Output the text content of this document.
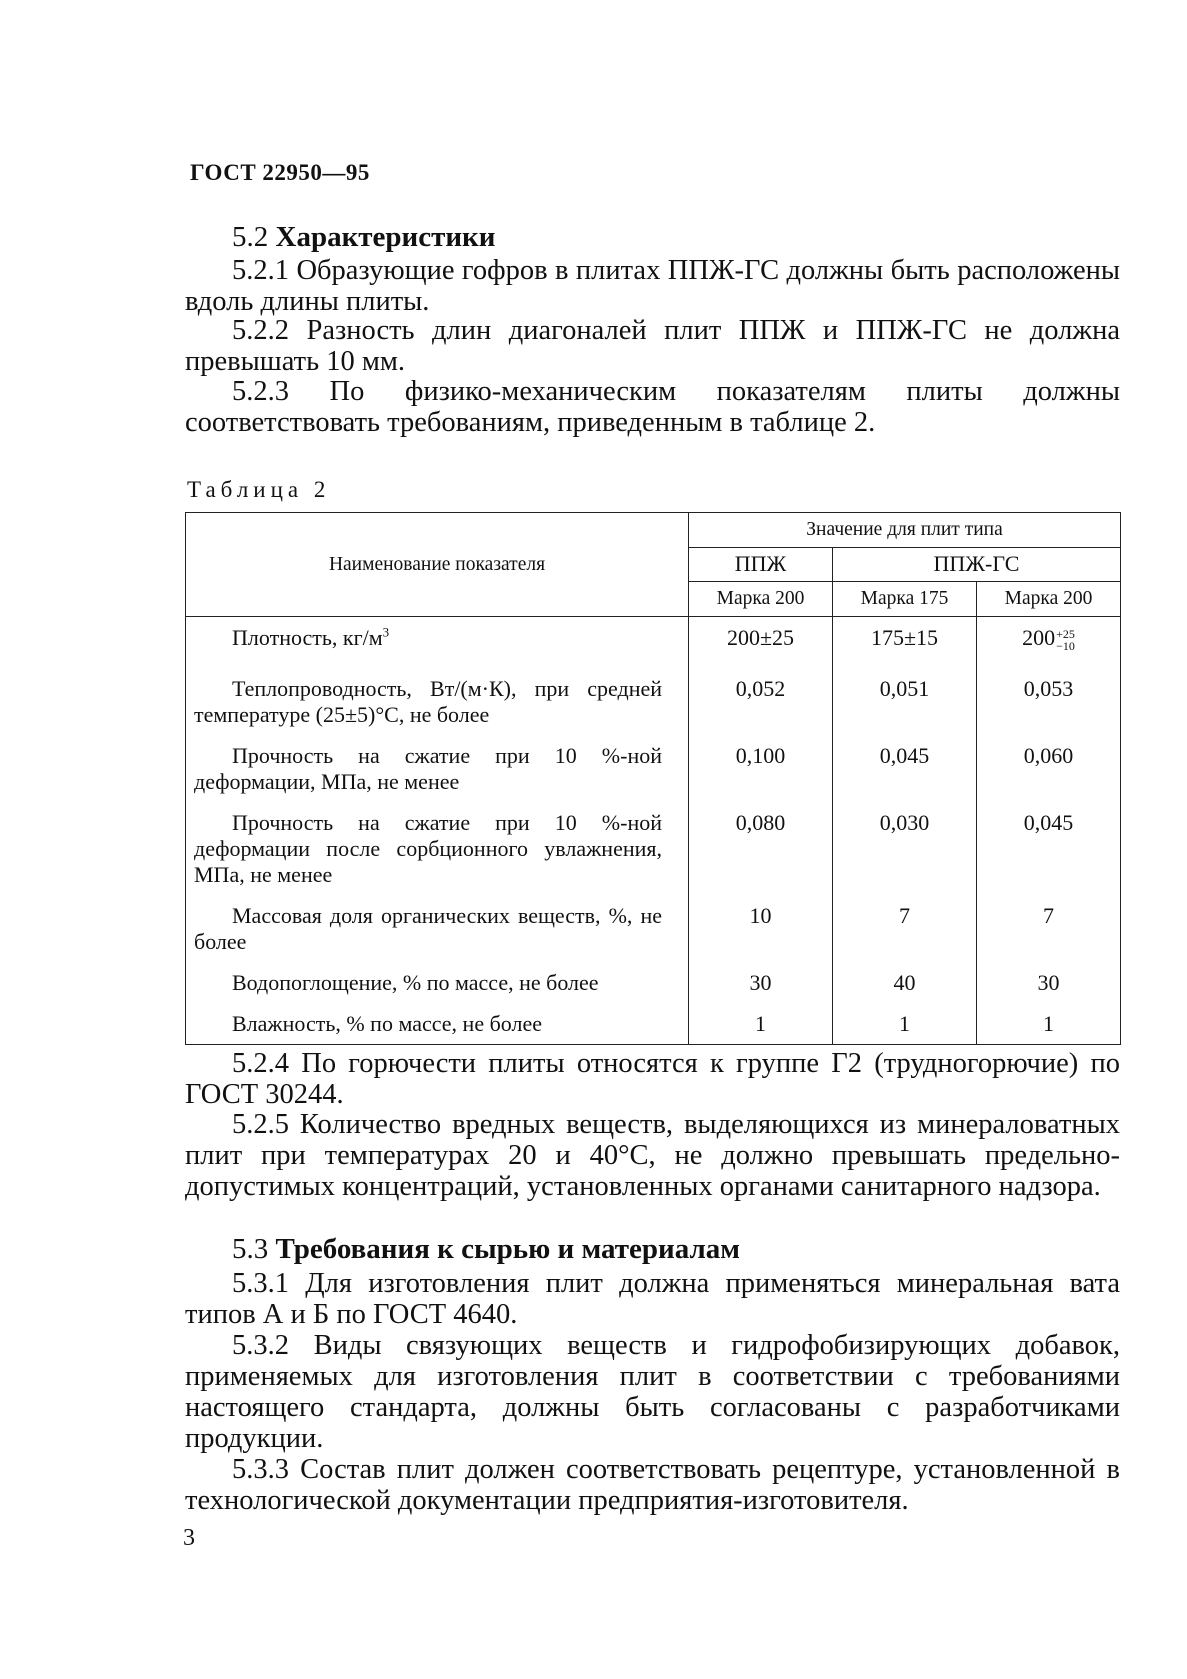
ГОСТ 22950—95
5.2 Характеристики
5.2.1 Образующие гофров в плитах ППЖ-ГС должны быть расположены вдоль длины плиты.
5.2.2 Разность длин диагоналей плит ППЖ и ППЖ-ГС не должна превышать 10 мм.
5.2.3 По физико-механическим показателям плиты должны соответствовать требованиям, приведенным в таблице 2.
Таблица 2
Наименование показателя	Значение для плит типа		
	ППЖ	ППЖ-ГС	
	Марка 200	Марка 175	Марка 200
Плотность, $кг/м^3$	200±25	175±15	200 +25
−10

Теплопроводность, Вт/(м·К), при средней температуре (25±5)°С, не более	0,052	0,051	0,053
Прочность на сжатие при 10 %-ной деформации, МПа, не менее	0,100	0,045	0,060
Прочность на сжатие при 10 %-ной деформации после сорбционного увлажнения, МПа, не менее	0,080	0,030	0,045
Массовая доля органических веществ, %, не более	10	7	7
Водопоглощение, % по массе, не более	30	40	30
Влажность, % по массе, не более	1	1	1
5.2.4 По горючести плиты относятся к группе Г2 (трудногорючие) по ГОСТ 30244.
5.2.5 Количество вредных веществ, выделяющихся из минераловатных плит при температурах 20 и 40°С, не должно превышать предельно-допустимых концентраций, установленных органами санитарного надзора.
5.3 Требования к сырью и материалам
5.3.1 Для изготовления плит должна применяться минеральная вата типов А и Б по ГОСТ 4640.
5.3.2 Виды связующих веществ и гидрофобизирующих добавок, применяемых для изготовления плит в соответствии с требованиями настоящего стандарта, должны быть согласованы с разработчиками продукции.
5.3.3 Состав плит должен соответствовать рецептуре, установленной в технологической документации предприятия-изготовителя.
3
